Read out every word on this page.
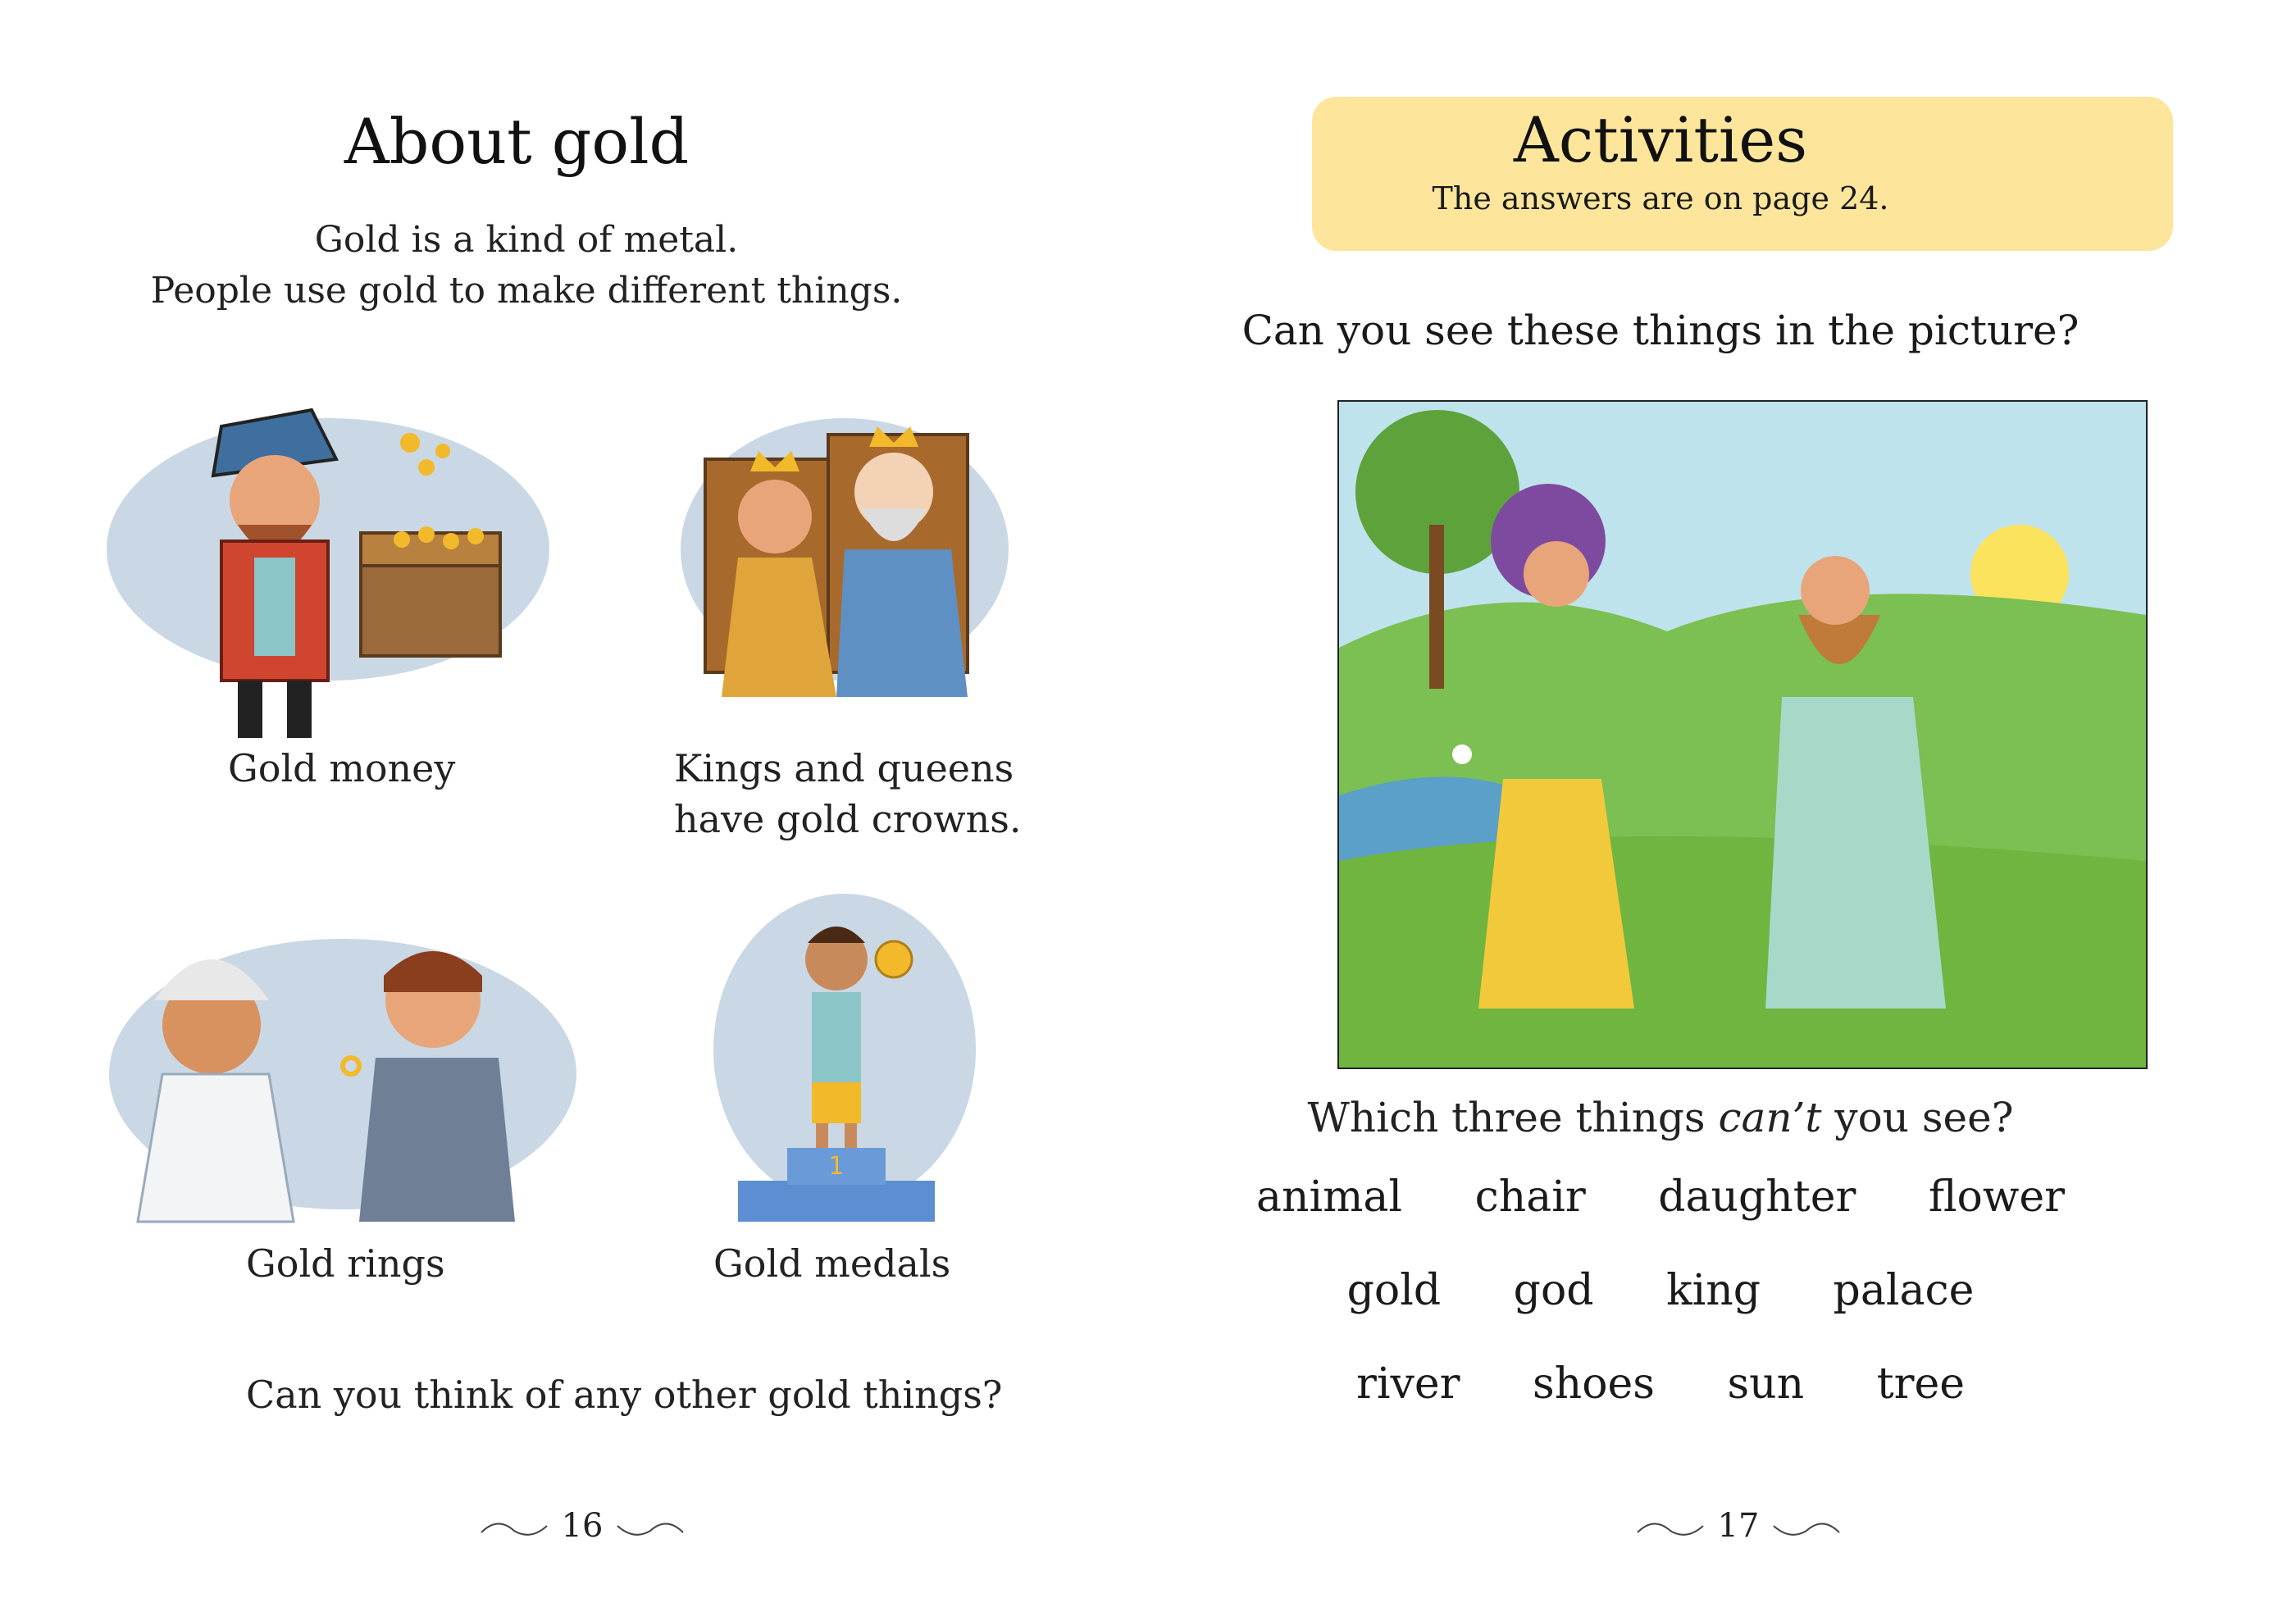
About gold
Gold is a kind of metal.
People use gold to make different things.
Gold money	Kings and queens
have gold crowns.
1
Gold rings	Gold medals
Can you think of any other gold things?
16
Activities
The answers are on page 24.
Can you see these things in the picture?
Which three things can’t you see?
animal chair daughter flower
gold god king palace
river shoes sun tree
17
